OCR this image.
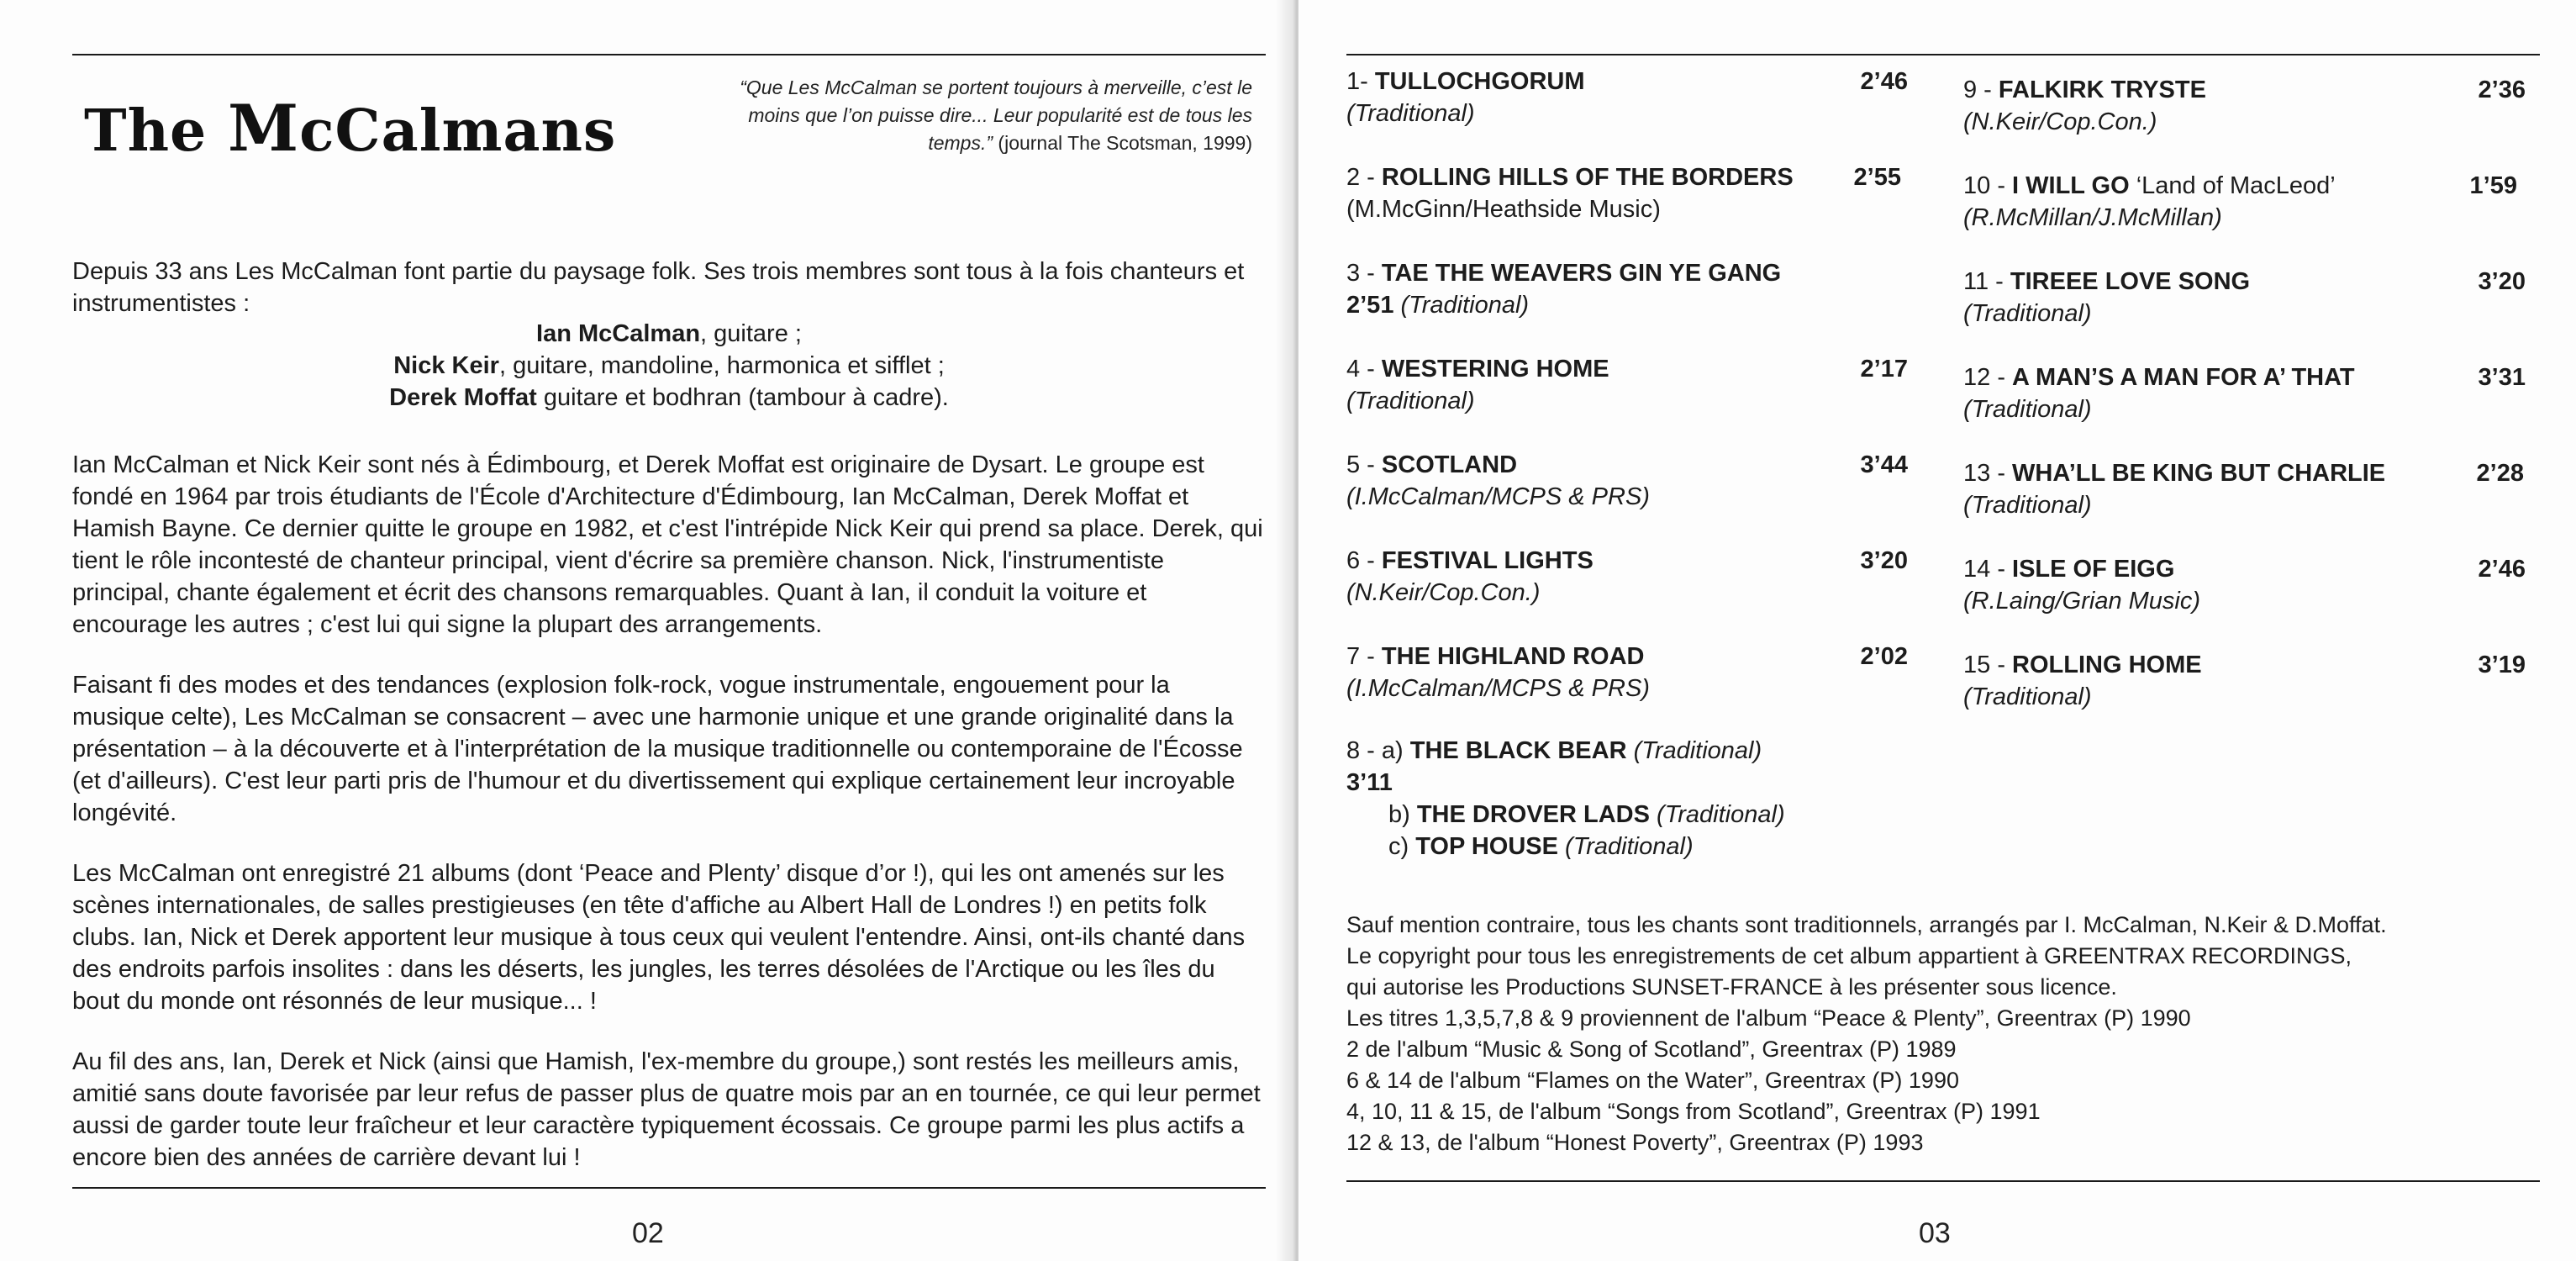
The McCalmans
“Que Les McCalman se portent toujours à merveille, c’est le moins que l’on puisse dire... Leur popularité est de tous les temps.” (journal The Scotsman, 1999)

Depuis 33 ans Les McCalman font partie du paysage folk. Ses trois membres sont tous à la fois chanteurs et instrumentistes :

Ian McCalman, guitare ;
Nick Keir, guitare, mandoline, harmonica et sifflet ;
Derek Moffat guitare et bodhran (tambour à cadre).

Ian McCalman et Nick Keir sont nés à Édimbourg, et Derek Moffat est originaire de Dysart. Le groupe est fondé en 1964 par trois étudiants de l'École d'Architecture d'Édimbourg, Ian McCalman, Derek Moffat et Hamish Bayne. Ce dernier quitte le groupe en 1982, et c'est l'intrépide Nick Keir qui prend sa place. Derek, qui tient le rôle incontesté de chanteur principal, vient d'écrire sa première chanson. Nick, l'instrumentiste principal, chante également et écrit des chansons remarquables. Quant à Ian, il conduit la voiture et encourage les autres ; c'est lui qui signe la plupart des arrangements.

Faisant fi des modes et des tendances (explosion folk-rock, vogue instrumentale, engouement pour la musique celte), Les McCalman se consacrent – avec une harmonie unique et une grande originalité dans la présentation – à la découverte et à l'interprétation de la musique traditionnelle ou contemporaine de l'Écosse (et d'ailleurs). C'est leur parti pris de l'humour et du divertissement qui explique certainement leur incroyable longévité.

Les McCalman ont enregistré 21 albums (dont ‘Peace and Plenty’ disque d’or !), qui les ont amenés sur les scènes internationales, de salles prestigieuses (en tête d'affiche au Albert Hall de Londres !) en petits folk clubs. Ian, Nick et Derek apportent leur musique à tous ceux qui veulent l'entendre. Ainsi, ont-ils chanté dans des endroits parfois insolites : dans les déserts, les jungles, les terres désolées de l'Arctique ou les îles du bout du monde ont résonnés de leur musique... !

Au fil des ans, Ian, Derek et Nick (ainsi que Hamish, l'ex-membre du groupe,) sont restés les meilleurs amis, amitié sans doute favorisée par leur refus de passer plus de quatre mois par an en tournée, ce qui leur permet aussi de garder toute leur fraîcheur et leur caractère typiquement écossais. Ce groupe parmi les plus actifs a encore bien des années de carrière devant lui !

02	03
1- TULLOCHGORUM
(Traditional)
2’46
2 - ROLLING HILLS OF THE BORDERS
(M.McGinn/Heathside Music)
2’55
3 - TAE THE WEAVERS GIN YE GANG
2’51 (Traditional)
4 - WESTERING HOME
(Traditional)
2’17
5 - SCOTLAND
(I.McCalman/MCPS & PRS)
3’44
6 - FESTIVAL LIGHTS
(N.Keir/Cop.Con.)
3’20
7 - THE HIGHLAND ROAD
(I.McCalman/MCPS & PRS)
2’02
8 - a) THE BLACK BEAR (Traditional)
3’11
b) THE DROVER LADS (Traditional)
c) TOP HOUSE (Traditional)
9 - FALKIRK TRYSTE
(N.Keir/Cop.Con.)
2’36
10 - I WILL GO ‘Land of MacLeod’
(R.McMillan/J.McMillan)
1’59
11 - TIREEE LOVE SONG
(Traditional)
3’20
12 - A MAN’S A MAN FOR A’ THAT
(Traditional)
3’31
13 - WHA’LL BE KING BUT CHARLIE
(Traditional)
2’28
14 - ISLE OF EIGG
(R.Laing/Grian Music)
2’46
15 - ROLLING HOME
(Traditional)
3’19
Sauf mention contraire, tous les chants sont traditionnels, arrangés par I. McCalman, N.Keir & D.Moffat.
Le copyright pour tous les enregistrements de cet album appartient à GREENTRAX RECORDINGS,
qui autorise les Productions SUNSET-FRANCE à les présenter sous licence.
Les titres 1,3,5,7,8 & 9 proviennent de l'album “Peace & Plenty”, Greentrax (P) 1990
2 de l'album “Music & Song of Scotland”, Greentrax (P) 1989
6 & 14 de l'album “Flames on the Water”, Greentrax (P) 1990
4, 10, 11 & 15, de l'album “Songs from Scotland”, Greentrax (P) 1991
12 & 13, de l'album “Honest Poverty”, Greentrax (P) 1993
